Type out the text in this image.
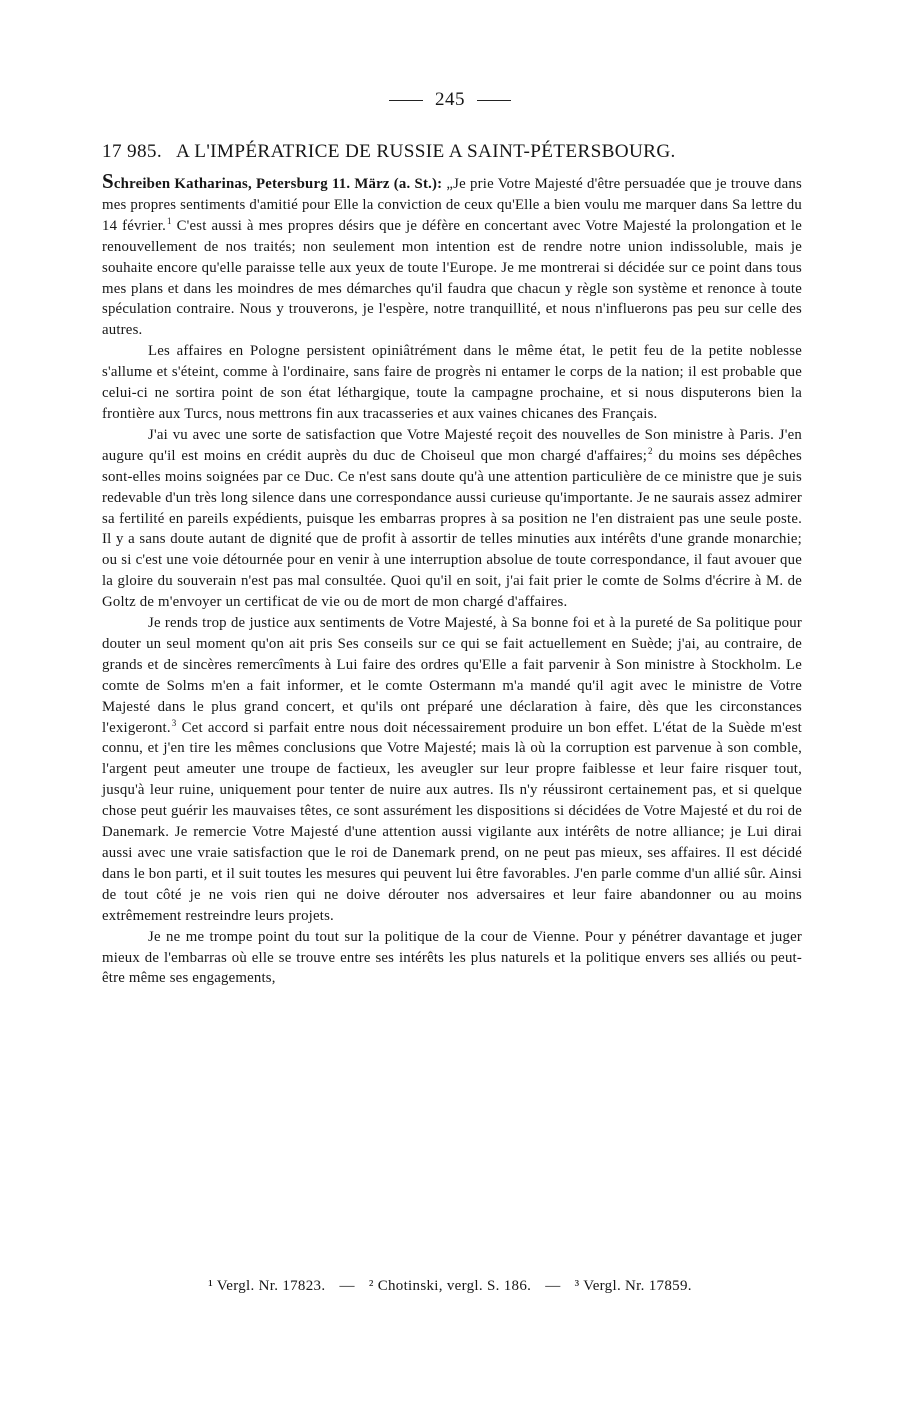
245
17 985. A L'IMPÉRATRICE DE RUSSIE A SAINT-PÉTERSBOURG.

Schreiben Katharinas, Petersburg 11. März (a. St.): „Je prie Votre Majesté d'être persuadée que je trouve dans mes propres sentiments d'amitié pour Elle la conviction de ceux qu'Elle a bien voulu me marquer dans Sa lettre du 14 février.$^1$ C'est aussi à mes propres désirs que je défère en concertant avec Votre Majesté la prolongation et le renouvellement de nos traités; non seulement mon intention est de rendre notre union indissoluble, mais je souhaite encore qu'elle paraisse telle aux yeux de toute l'Europe. Je me montrerai si décidée sur ce point dans tous mes plans et dans les moindres de mes démarches qu'il faudra que chacun y règle son système et renonce à toute spéculation contraire. Nous y trouverons, je l'espère, notre tranquillité, et nous n'influerons pas peu sur celle des autres.

Les affaires en Pologne persistent opiniâtrément dans le même état, le petit feu de la petite noblesse s'allume et s'éteint, comme à l'ordinaire, sans faire de progrès ni entamer le corps de la nation; il est probable que celui-ci ne sortira point de son état léthargique, toute la campagne prochaine, et si nous disputerons bien la frontière aux Turcs, nous mettrons fin aux tracasseries et aux vaines chicanes des Français.

J'ai vu avec une sorte de satisfaction que Votre Majesté reçoit des nouvelles de Son ministre à Paris. J'en augure qu'il est moins en crédit auprès du duc de Choiseul que mon chargé d'affaires;$^2$ du moins ses dépêches sont-elles moins soignées par ce Duc. Ce n'est sans doute qu'à une attention particulière de ce ministre que je suis redevable d'un très long silence dans une correspondance aussi curieuse qu'importante. Je ne saurais assez admirer sa fertilité en pareils expédients, puisque les embarras propres à sa position ne l'en distraient pas une seule poste. Il y a sans doute autant de dignité que de profit à assortir de telles minuties aux intérêts d'une grande monarchie; ou si c'est une voie détournée pour en venir à une interruption absolue de toute correspondance, il faut avouer que la gloire du souverain n'est pas mal consultée. Quoi qu'il en soit, j'ai fait prier le comte de Solms d'écrire à M. de Goltz de m'envoyer un certificat de vie ou de mort de mon chargé d'affaires.

Je rends trop de justice aux sentiments de Votre Majesté, à Sa bonne foi et à la pureté de Sa politique pour douter un seul moment qu'on ait pris Ses conseils sur ce qui se fait actuellement en Suède; j'ai, au contraire, de grands et de sincères remercîments à Lui faire des ordres qu'Elle a fait parvenir à Son ministre à Stockholm. Le comte de Solms m'en a fait informer, et le comte Ostermann m'a mandé qu'il agit avec le ministre de Votre Majesté dans le plus grand concert, et qu'ils ont préparé une déclaration à faire, dès que les circonstances l'exigeront.$^3$ Cet accord si parfait entre nous doit nécessairement produire un bon effet. L'état de la Suède m'est connu, et j'en tire les mêmes conclusions que Votre Majesté; mais là où la corruption est parvenue à son comble, l'argent peut ameuter une troupe de factieux, les aveugler sur leur propre faiblesse et leur faire risquer tout, jusqu'à leur ruine, uniquement pour tenter de nuire aux autres. Ils n'y réussiront certainement pas, et si quelque chose peut guérir les mauvaises têtes, ce sont assurément les dispositions si décidées de Votre Majesté et du roi de Danemark. Je remercie Votre Majesté d'une attention aussi vigilante aux intérêts de notre alliance; je Lui dirai aussi avec une vraie satisfaction que le roi de Danemark prend, on ne peut pas mieux, ses affaires. Il est décidé dans le bon parti, et il suit toutes les mesures qui peuvent lui être favorables. J'en parle comme d'un allié sûr. Ainsi de tout côté je ne vois rien qui ne doive dérouter nos adversaires et leur faire abandonner ou au moins extrêmement restreindre leurs projets.

Je ne me trompe point du tout sur la politique de la cour de Vienne. Pour y pénétrer davantage et juger mieux de l'embarras où elle se trouve entre ses intérêts les plus naturels et la politique envers ses alliés ou peut-être même ses engagements,

¹ Vergl. Nr. 17823. — ² Chotinski, vergl. S. 186. — ³ Vergl. Nr. 17859.
